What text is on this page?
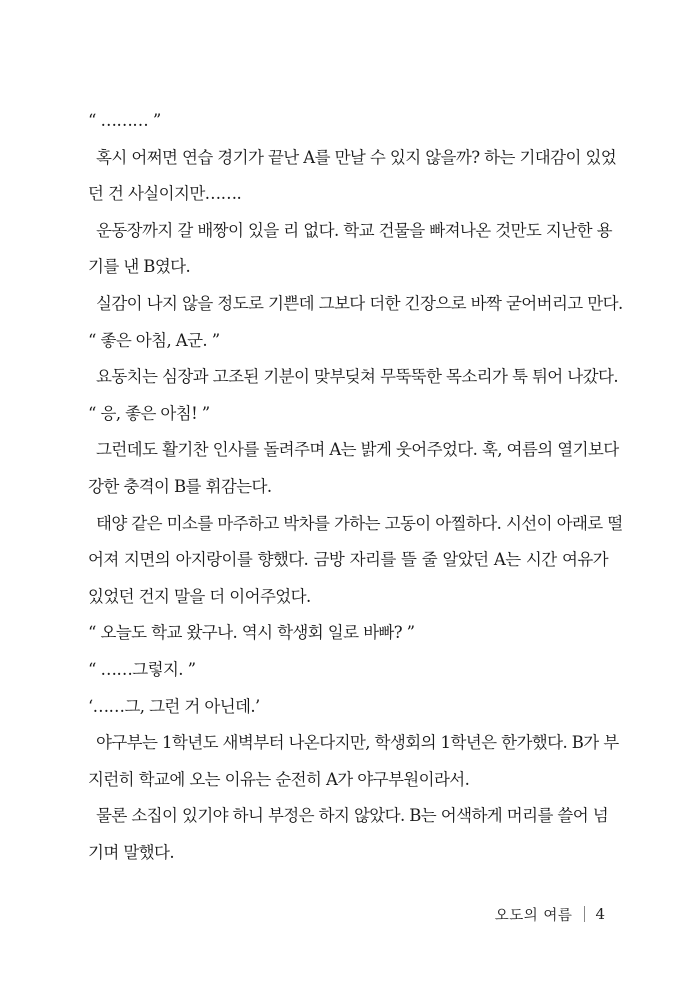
“ ……… ”
혹시 어쩌면 연습 경기가 끝난 A를 만날 수 있지 않을까? 하는 기대감이 있었
던 건 사실이지만…….
운동장까지 갈 배짱이 있을 리 없다. 학교 건물을 빠져나온 것만도 지난한 용
기를 낸 B였다.
실감이 나지 않을 정도로 기쁜데 그보다 더한 긴장으로 바짝 굳어버리고 만다.
“ 좋은 아침, A군. ”
요동치는 심장과 고조된 기분이 맞부딪쳐 무뚝뚝한 목소리가 툭 튀어 나갔다.
“ 응, 좋은 아침! ”
그런데도 활기찬 인사를 돌려주며 A는 밝게 웃어주었다. 훅, 여름의 열기보다
강한 충격이 B를 휘감는다.
태양 같은 미소를 마주하고 박차를 가하는 고동이 아찔하다. 시선이 아래로 떨
어져 지면의 아지랑이를 향했다. 금방 자리를 뜰 줄 알았던 A는 시간 여유가
있었던 건지 말을 더 이어주었다.
“ 오늘도 학교 왔구나. 역시 학생회 일로 바빠? ”
“ ……그렇지. ”
‘……그, 그런 거 아닌데.’
야구부는 1학년도 새벽부터 나온다지만, 학생회의 1학년은 한가했다. B가 부
지런히 학교에 오는 이유는 순전히 A가 야구부원이라서.
물론 소집이 있기야 하니 부정은 하지 않았다. B는 어색하게 머리를 쓸어 넘
기며 말했다.
오도의 여름 4
